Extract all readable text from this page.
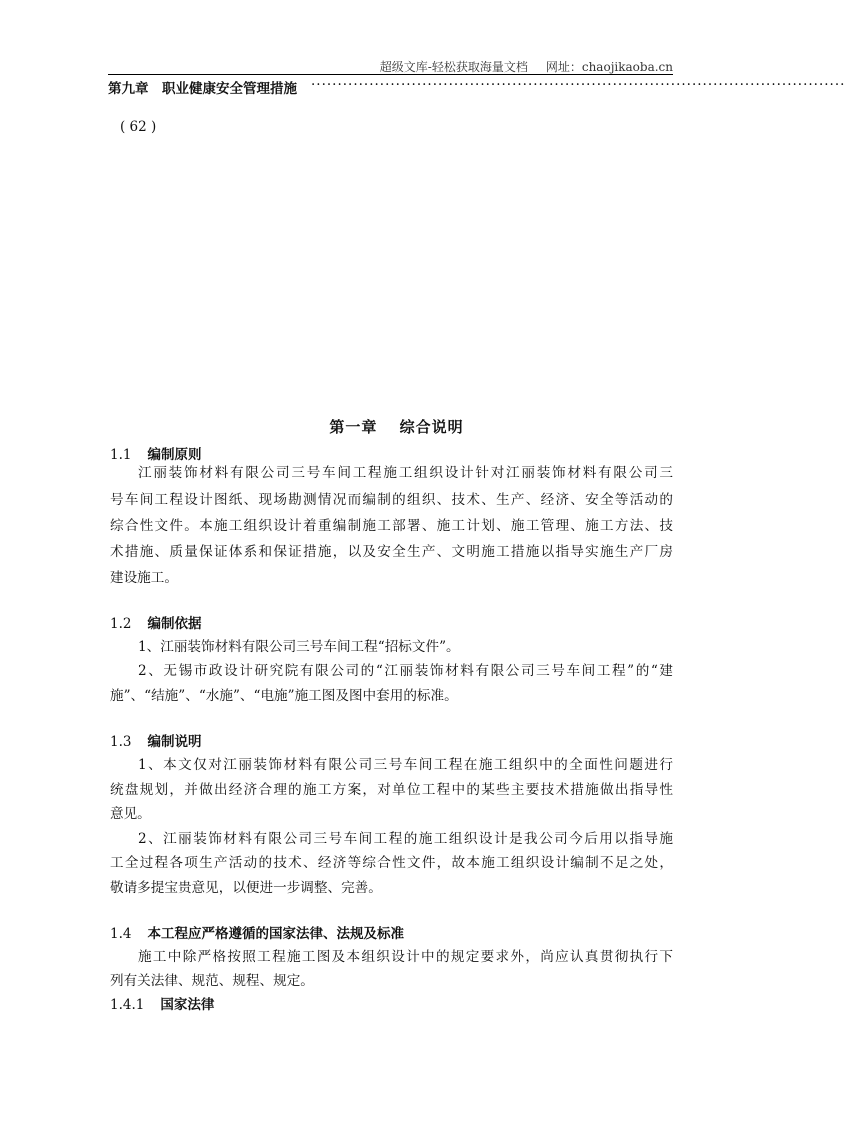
超级文库-轻松获取海量文档 网址：chaojikaoba.cn
第九章　职业健康安全管理措施 ·····································································································
( 62 )
第一章　 综合说明
1.1 编制原则
江丽装饰材料有限公司三号车间工程施工组织设计针对江丽装饰材料有限公司三
号车间工程设计图纸、现场勘测情况而编制的组织、技术、生产、经济、安全等活动的
综合性文件。本施工组织设计着重编制施工部署、施工计划、施工管理、施工方法、技
术措施、质量保证体系和保证措施，以及安全生产、文明施工措施以指导实施生产厂房
建设施工。
1.2 编制依据
1、江丽装饰材料有限公司三号车间工程“招标文件”。
2、无锡市政设计研究院有限公司的“江丽装饰材料有限公司三号车间工程”的“建
施”、“结施”、“水施”、“电施”施工图及图中套用的标准。
1.3 编制说明
1、本文仅对江丽装饰材料有限公司三号车间工程在施工组织中的全面性问题进行
统盘规划，并做出经济合理的施工方案，对单位工程中的某些主要技术措施做出指导性
意见。
2、江丽装饰材料有限公司三号车间工程的施工组织设计是我公司今后用以指导施
工全过程各项生产活动的技术、经济等综合性文件，故本施工组织设计编制不足之处，
敬请多提宝贵意见，以便进一步调整、完善。
1.4 本工程应严格遵循的国家法律、法规及标准
施工中除严格按照工程施工图及本组织设计中的规定要求外，尚应认真贯彻执行下
列有关法律、规范、规程、规定。
1.4.1 国家法律
